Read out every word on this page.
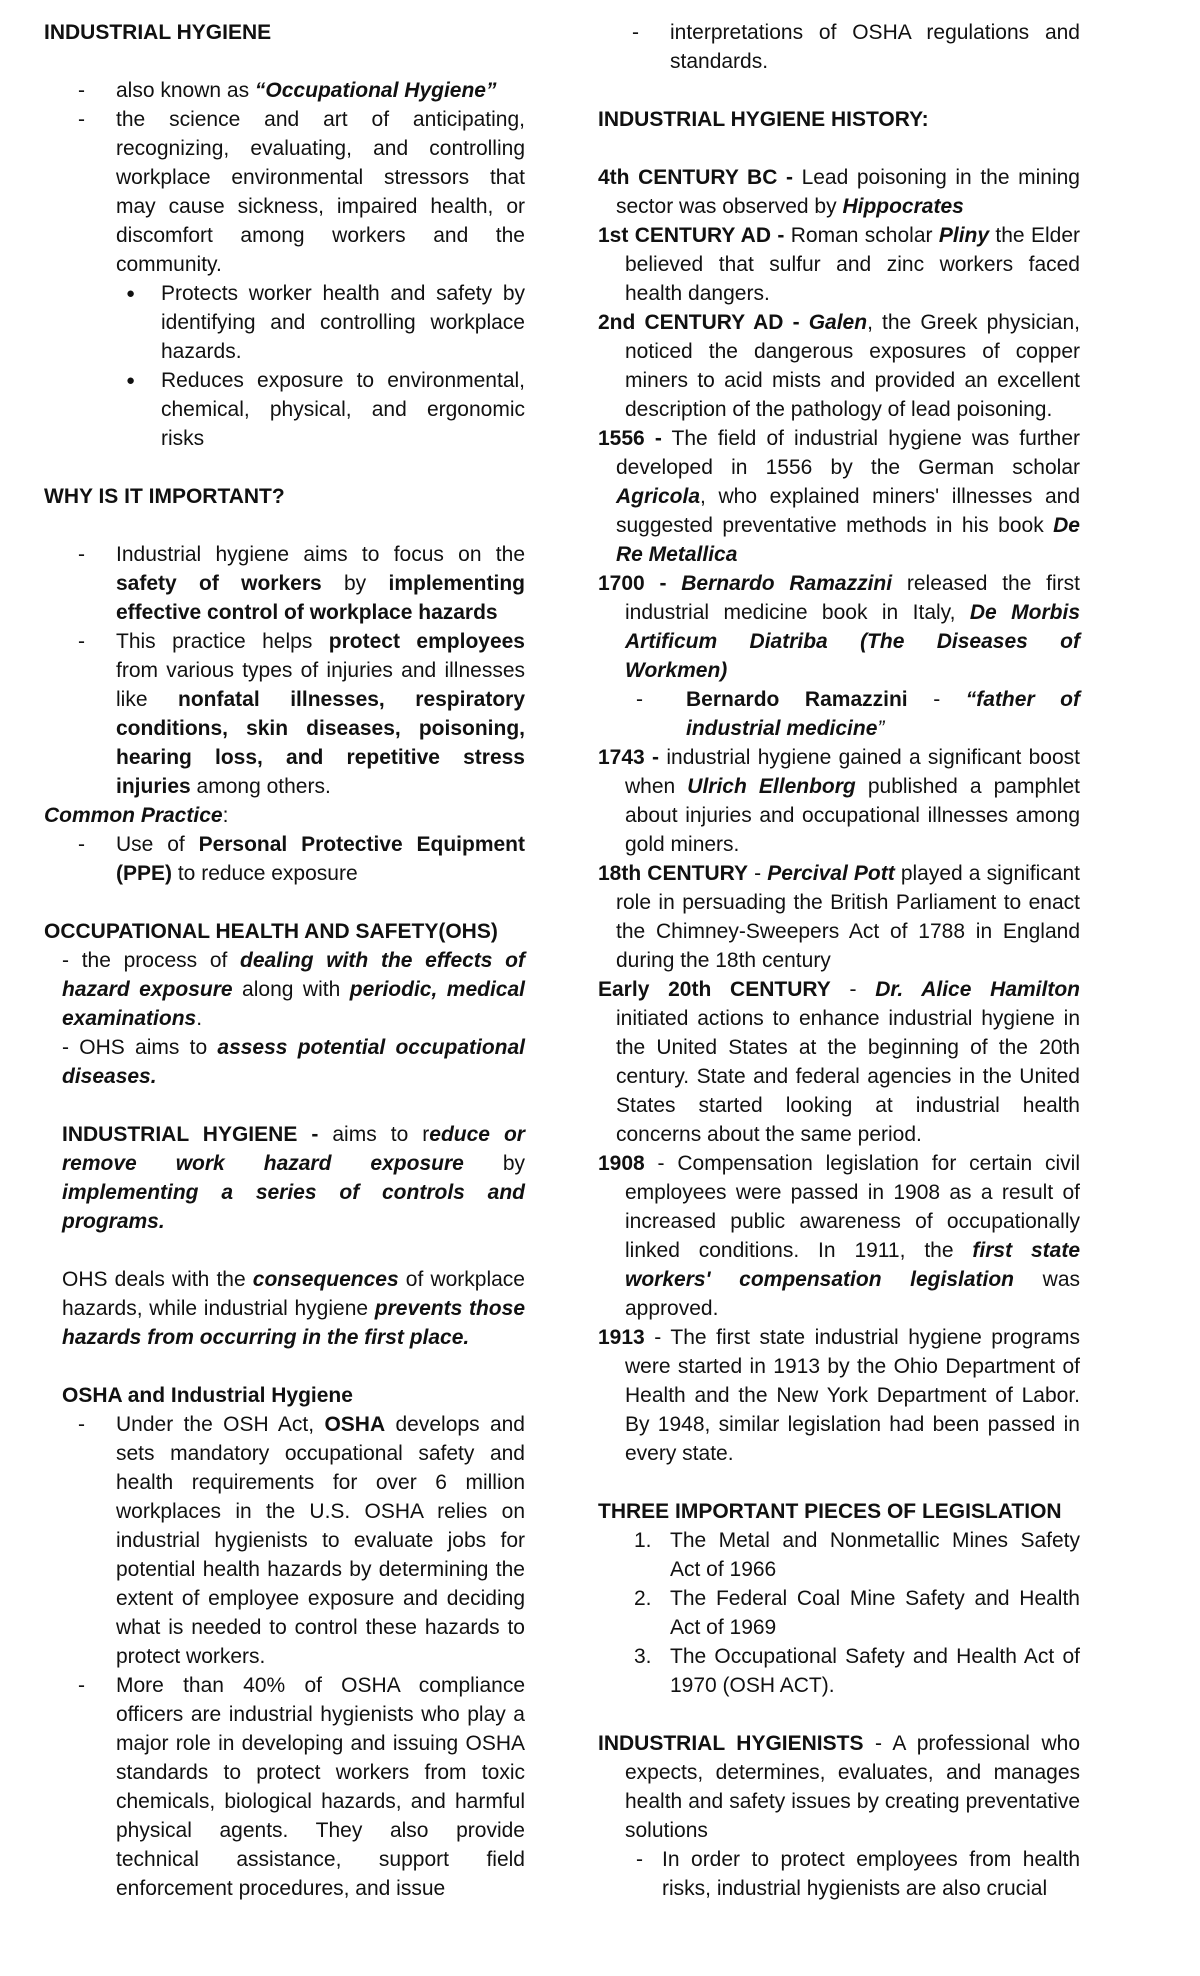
INDUSTRIAL HYGIENE
- also known as “Occupational Hygiene”
- the science and art of anticipating, recognizing, evaluating, and controlling workplace environmental stressors that may cause sickness, impaired health, or discomfort among workers and the community.
● Protects worker health and safety by identifying and controlling workplace hazards.
● Reduces exposure to environmental, chemical, physical, and ergonomic risks
WHY IS IT IMPORTANT?
- Industrial hygiene aims to focus on the safety of workers by implementing effective control of workplace hazards
- This practice helps protect employees from various types of injuries and illnesses like nonfatal illnesses, respiratory conditions, skin diseases, poisoning, hearing loss, and repetitive stress injuries among others.
Common Practice:
- Use of Personal Protective Equipment (PPE) to reduce exposure
OCCUPATIONAL HEALTH AND SAFETY(OHS)
- the process of dealing with the effects of hazard exposure along with periodic, medical examinations.
- OHS aims to assess potential occupational diseases.
INDUSTRIAL HYGIENE - aims to reduce or remove work hazard exposure by implementing a series of controls and programs.
OHS deals with the consequences of workplace hazards, while industrial hygiene prevents those hazards from occurring in the first place.
OSHA and Industrial Hygiene
- Under the OSH Act, OSHA develops and sets mandatory occupational safety and health requirements for over 6 million workplaces in the U.S. OSHA relies on industrial hygienists to evaluate jobs for potential health hazards by determining the extent of employee exposure and deciding what is needed to control these hazards to protect workers.
- More than 40% of OSHA compliance officers are industrial hygienists who play a major role in developing and issuing OSHA standards to protect workers from toxic chemicals, biological hazards, and harmful physical agents. They also provide technical assistance, support field enforcement procedures, and issue
- interpretations of OSHA regulations and standards.
INDUSTRIAL HYGIENE HISTORY:
4th CENTURY BC - Lead poisoning in the mining sector was observed by Hippocrates
1st CENTURY AD - Roman scholar Pliny the Elder believed that sulfur and zinc workers faced health dangers.
2nd CENTURY AD - Galen, the Greek physician, noticed the dangerous exposures of copper miners to acid mists and provided an excellent description of the pathology of lead poisoning.
1556 - The field of industrial hygiene was further developed in 1556 by the German scholar Agricola, who explained miners' illnesses and suggested preventative methods in his book De Re Metallica
1700 - Bernardo Ramazzini released the first industrial medicine book in Italy, De Morbis Artificum Diatriba (The Diseases of Workmen)
- Bernardo Ramazzini - “father of industrial medicine”
1743 - industrial hygiene gained a significant boost when Ulrich Ellenborg published a pamphlet about injuries and occupational illnesses among gold miners.
18th CENTURY - Percival Pott played a significant role in persuading the British Parliament to enact the Chimney-Sweepers Act of 1788 in England during the 18th century
Early 20th CENTURY - Dr. Alice Hamilton initiated actions to enhance industrial hygiene in the United States at the beginning of the 20th century. State and federal agencies in the United States started looking at industrial health concerns about the same period.
1908 - Compensation legislation for certain civil employees were passed in 1908 as a result of increased public awareness of occupationally linked conditions. In 1911, the first state workers' compensation legislation was approved.
1913 - The first state industrial hygiene programs were started in 1913 by the Ohio Department of Health and the New York Department of Labor. By 1948, similar legislation had been passed in every state.
THREE IMPORTANT PIECES OF LEGISLATION
1. The Metal and Nonmetallic Mines Safety Act of 1966
2. The Federal Coal Mine Safety and Health Act of 1969
3. The Occupational Safety and Health Act of 1970 (OSH ACT).
INDUSTRIAL HYGIENISTS - A professional who expects, determines, evaluates, and manages health and safety issues by creating preventative solutions
- In order to protect employees from health risks, industrial hygienists are also crucial
